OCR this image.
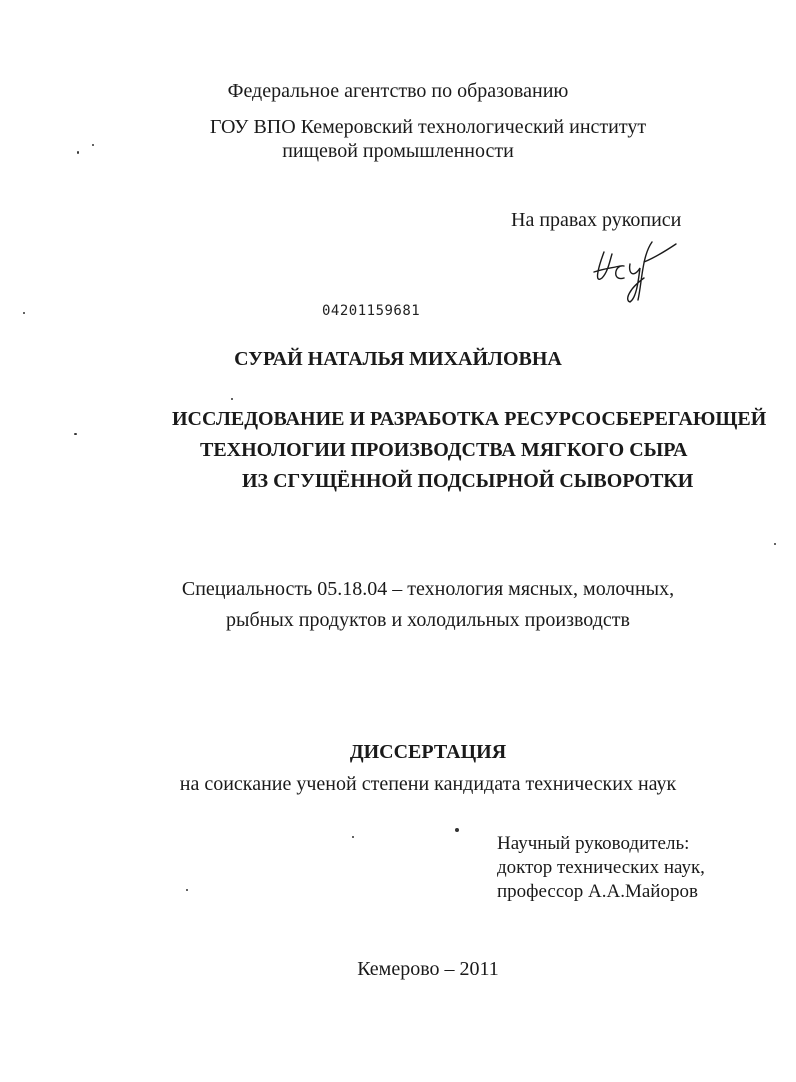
Федеральное агентство по образованию
ГОУ ВПО Кемеровский технологический институт
пищевой промышленности
На правах рукописи
04201159681
СУРАЙ НАТАЛЬЯ МИХАЙЛОВНА
ИССЛЕДОВАНИЕ И РАЗРАБОТКА РЕСУРСОСБЕРЕГАЮЩЕЙ
ТЕХНОЛОГИИ ПРОИЗВОДСТВА МЯГКОГО СЫРА
ИЗ СГУЩЁННОЙ ПОДСЫРНОЙ СЫВОРОТКИ
Специальность 05.18.04 – технология мясных, молочных,
рыбных продуктов и холодильных производств
ДИССЕРТАЦИЯ
на соискание ученой степени кандидата технических наук
Научный руководитель:
доктор технических наук,
профессор А.А.Майоров
Кемерово – 2011
